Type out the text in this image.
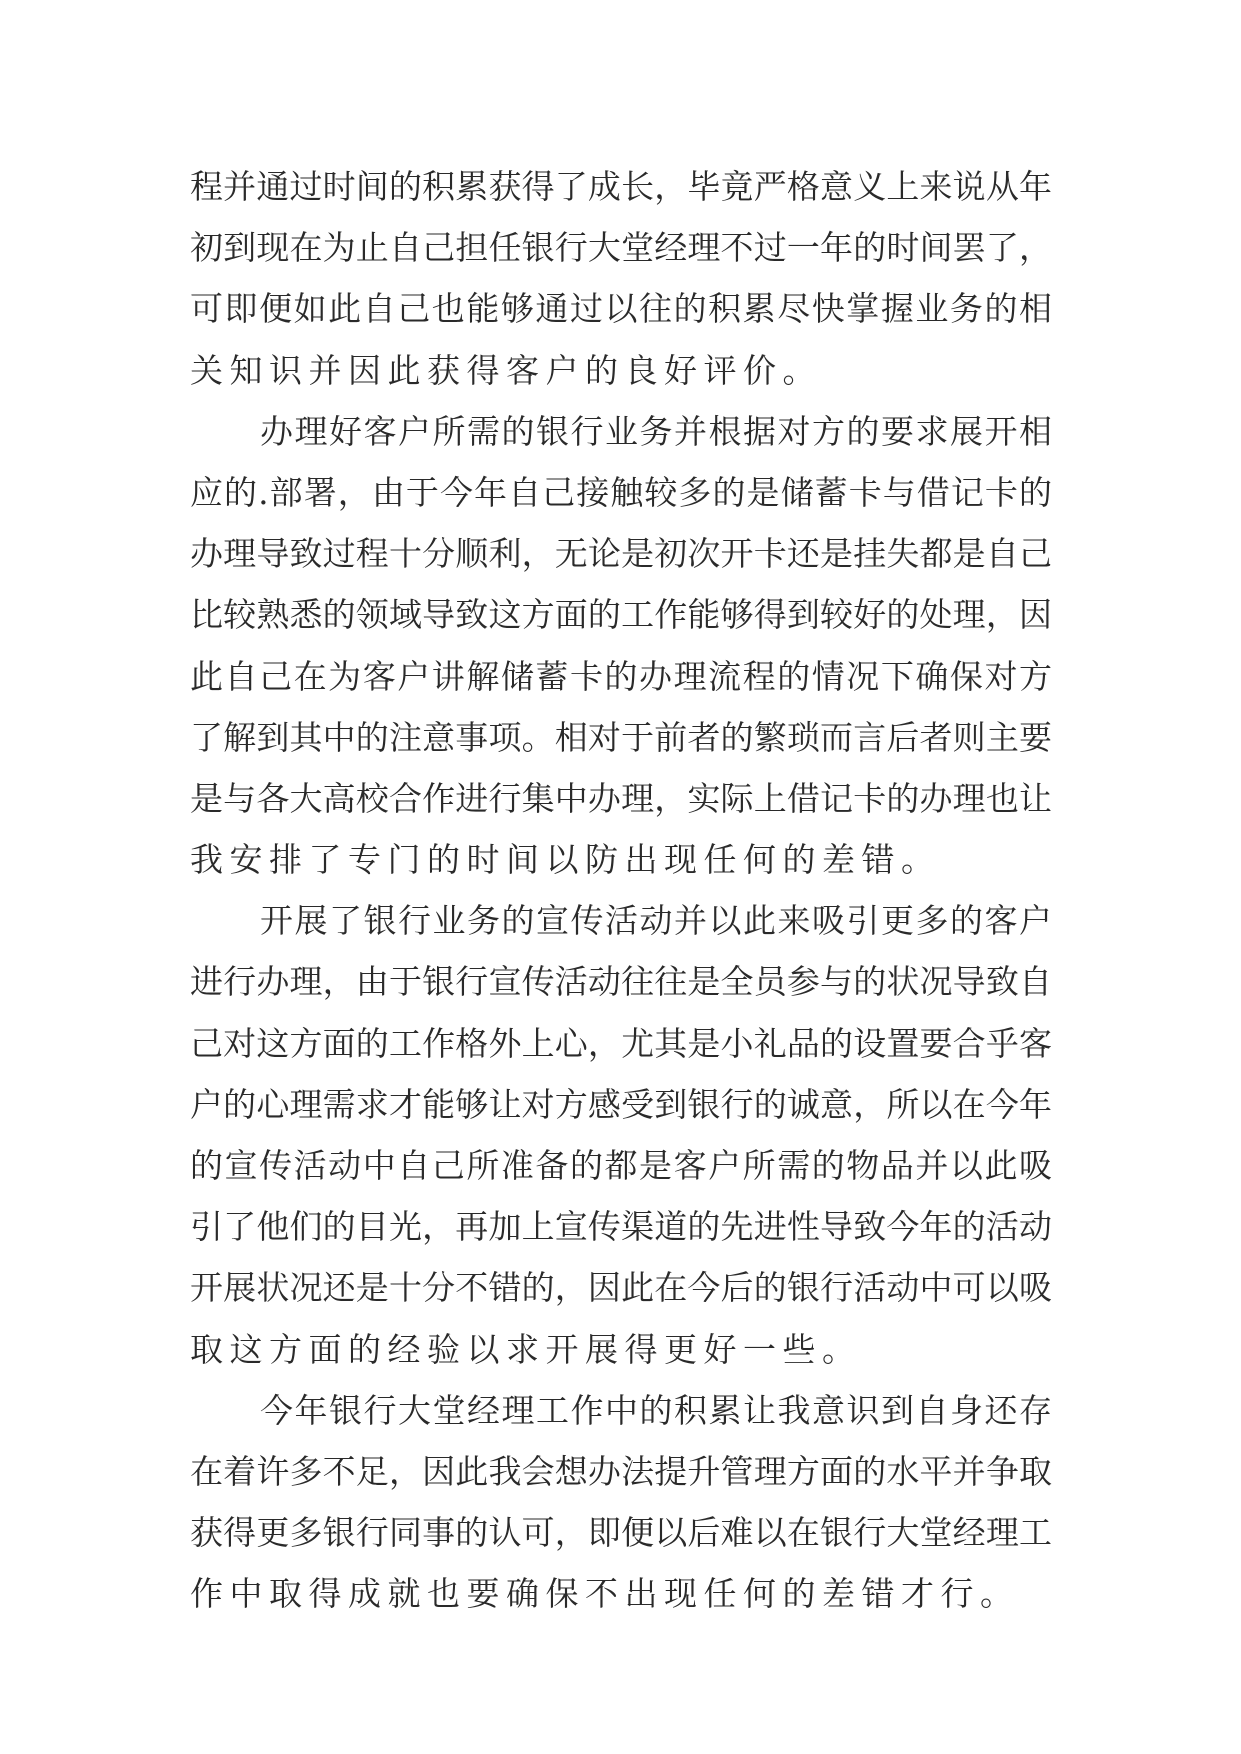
程并通过时间的积累获得了成长，毕竟严格意义上来说从年
初到现在为止自己担任银行大堂经理不过一年的时间罢了，
可即便如此自己也能够通过以往的积累尽快掌握业务的相
关知识并因此获得客户的良好评价。
办理好客户所需的银行业务并根据对方的要求展开相
应的.部署，由于今年自己接触较多的是储蓄卡与借记卡的
办理导致过程十分顺利，无论是初次开卡还是挂失都是自己
比较熟悉的领域导致这方面的工作能够得到较好的处理，因
此自己在为客户讲解储蓄卡的办理流程的情况下确保对方
了解到其中的注意事项。相对于前者的繁琐而言后者则主要
是与各大高校合作进行集中办理，实际上借记卡的办理也让
我安排了专门的时间以防出现任何的差错。
开展了银行业务的宣传活动并以此来吸引更多的客户
进行办理，由于银行宣传活动往往是全员参与的状况导致自
己对这方面的工作格外上心，尤其是小礼品的设置要合乎客
户的心理需求才能够让对方感受到银行的诚意，所以在今年
的宣传活动中自己所准备的都是客户所需的物品并以此吸
引了他们的目光，再加上宣传渠道的先进性导致今年的活动
开展状况还是十分不错的，因此在今后的银行活动中可以吸
取这方面的经验以求开展得更好一些。
今年银行大堂经理工作中的积累让我意识到自身还存
在着许多不足，因此我会想办法提升管理方面的水平并争取
获得更多银行同事的认可，即便以后难以在银行大堂经理工
作中取得成就也要确保不出现任何的差错才行。
